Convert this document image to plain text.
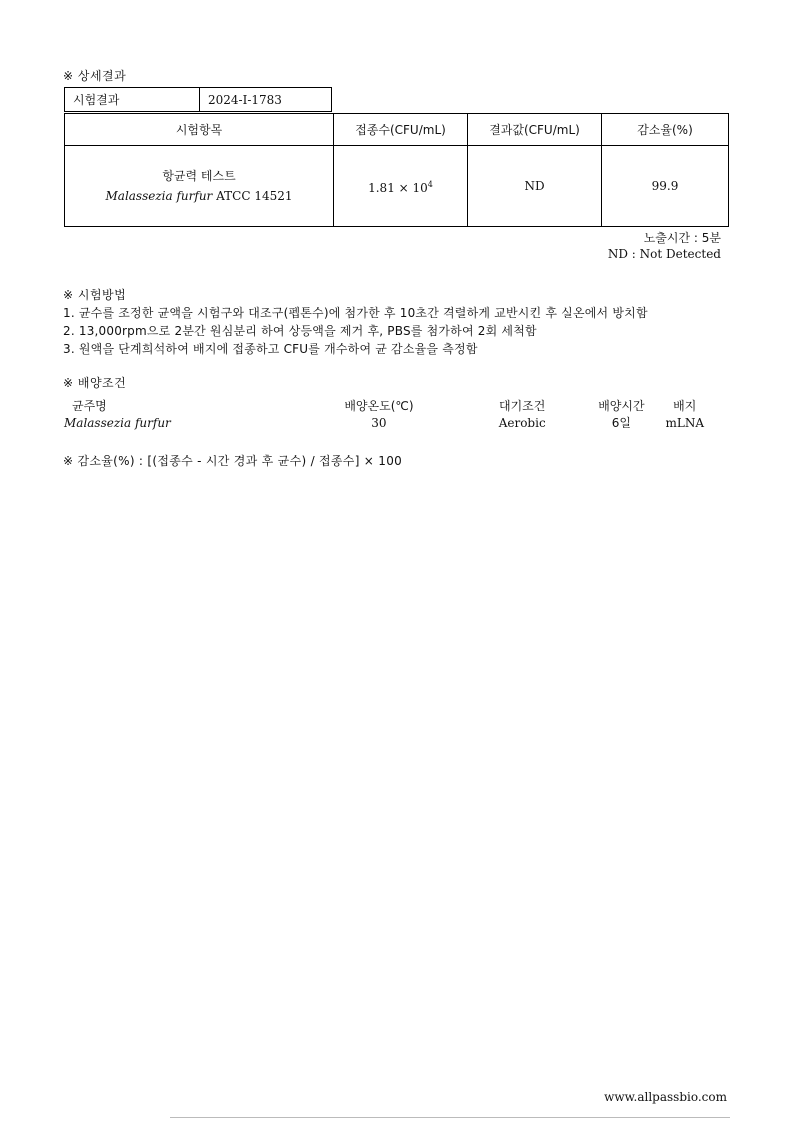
※ 상세결과
시험결과	2024-I-1783
시험항목	접종수(CFU/mL)	결과값(CFU/mL)	감소율(%)

항균력 테스트
Malassezia furfur ATCC 14521	$1.81 \times 10^4$	ND	99.9
노출시간 : 5분
ND : Not Detected
※ 시험방법
1. 균수를 조정한 균액을 시험구와 대조구(펩톤수)에 첨가한 후 10초간 격렬하게 교반시킨 후 실온에서 방치함
2. 13,000rpm으로 2분간 원심분리 하여 상등액을 제거 후, PBS를 첨가하여 2회 세척함
3. 원액을 단계희석하여 배지에 접종하고 CFU를 개수하여 균 감소율을 측정함
※ 배양조건
균주명	배양온도(℃)	대기조건	배양시간	배지
Malassezia furfur	30	Aerobic	6일	mLNA
※ 감소율(%) : [(접종수 - 시간 경과 후 균수) / 접종수] × 100
www.allpassbio.com
